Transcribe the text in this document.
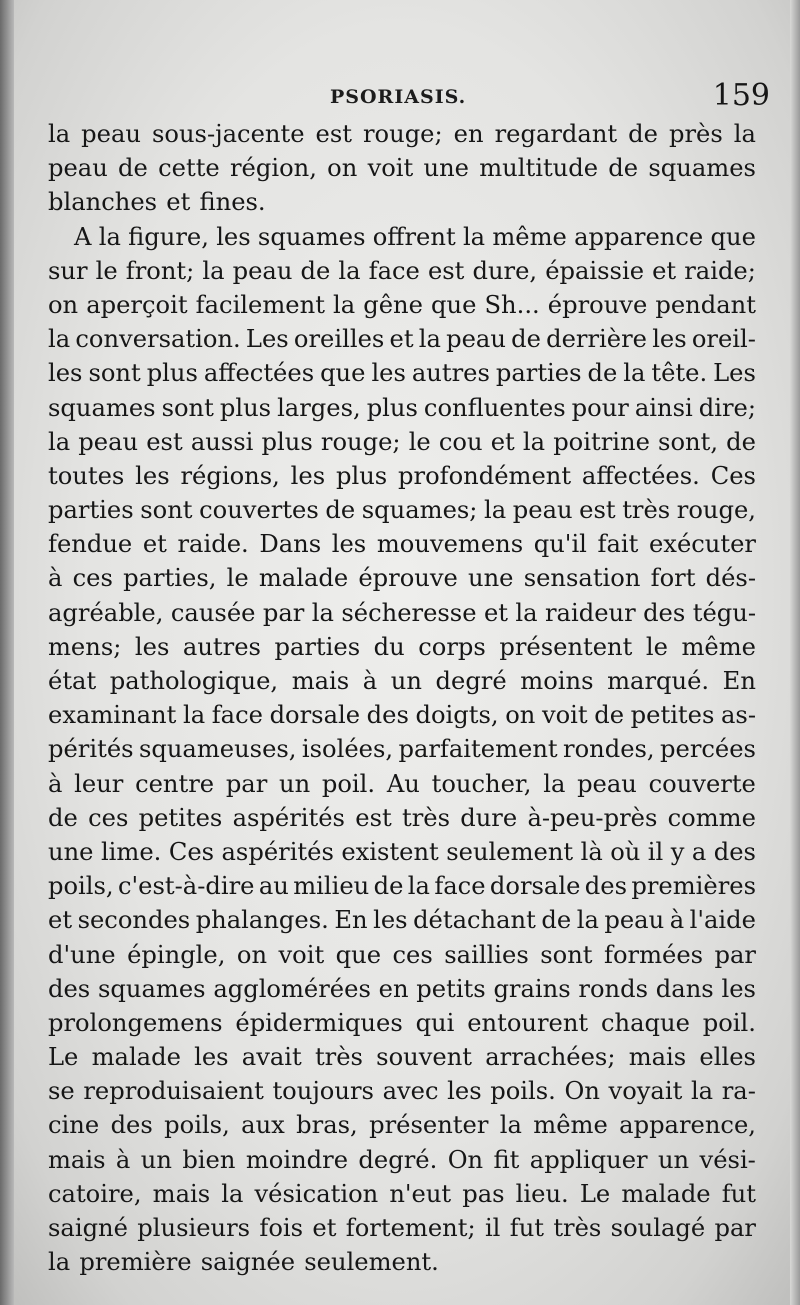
PSORIASIS.	159
la peau sous-jacente est rouge; en regardant de près la
peau de cette région, on voit une multitude de squames
blanches et fines.
A la figure, les squames offrent la même apparence que
sur le front; la peau de la face est dure, épaissie et raide;
on aperçoit facilement la gêne que Sh... éprouve pendant
la conversation. Les oreilles et la peau de derrière les oreil-
les sont plus affectées que les autres parties de la tête. Les
squames sont plus larges, plus confluentes pour ainsi dire;
la peau est aussi plus rouge; le cou et la poitrine sont, de
toutes les régions, les plus profondément affectées. Ces
parties sont couvertes de squames; la peau est très rouge,
fendue et raide. Dans les mouvemens qu'il fait exécuter
à ces parties, le malade éprouve une sensation fort dés-
agréable, causée par la sécheresse et la raideur des tégu-
mens; les autres parties du corps présentent le même
état pathologique, mais à un degré moins marqué. En
examinant la face dorsale des doigts, on voit de petites as-
pérités squameuses, isolées, parfaitement rondes, percées
à leur centre par un poil. Au toucher, la peau couverte
de ces petites aspérités est très dure à-peu-près comme
une lime. Ces aspérités existent seulement là où il y a des
poils, c'est-à-dire au milieu de la face dorsale des premières
et secondes phalanges. En les détachant de la peau à l'aide
d'une épingle, on voit que ces saillies sont formées par
des squames agglomérées en petits grains ronds dans les
prolongemens épidermiques qui entourent chaque poil.
Le malade les avait très souvent arrachées; mais elles
se reproduisaient toujours avec les poils. On voyait la ra-
cine des poils, aux bras, présenter la même apparence,
mais à un bien moindre degré. On fit appliquer un vési-
catoire, mais la vésication n'eut pas lieu. Le malade fut
saigné plusieurs fois et fortement; il fut très soulagé par
la première saignée seulement.
